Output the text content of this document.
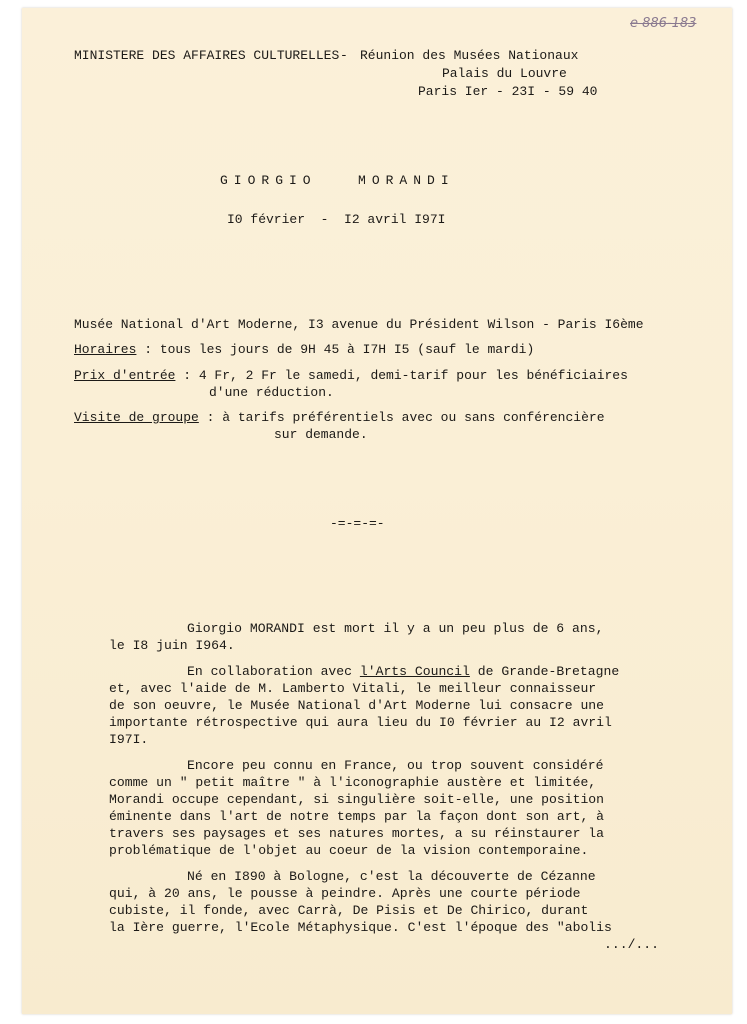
e 886-183
MINISTERE DES AFFAIRES CULTURELLES - Réunion des Musées Nationaux
Palais du Louvre
Paris Ier - 23I - 59 40
GIORGIO   MORANDI
I0 février  -  I2 avril I97I
Musée National d'Art Moderne, I3 avenue du Président Wilson - Paris I6ème
Horaires : tous les jours de 9H 45 à I7H I5 (sauf le mardi)
Prix d'entrée : 4 Fr, 2 Fr le samedi, demi-tarif pour les bénéficiaires
d'une réduction.
Visite de groupe : à tarifs préférentiels avec ou sans conférencière
sur demande.
-=-=-=-
Giorgio MORANDI est mort il y a un peu plus de 6 ans,
le I8 juin I964.
En collaboration avec l'Arts Council de Grande-Bretagne
et, avec l'aide de M. Lamberto Vitali, le meilleur connaisseur
de son oeuvre, le Musée National d'Art Moderne lui consacre une
importante rétrospective qui aura lieu du I0 février au I2 avril
I97I.
Encore peu connu en France, ou trop souvent considéré
comme un " petit maître " à l'iconographie austère et limitée,
Morandi occupe cependant, si singulière soit-elle, une position
éminente dans l'art de notre temps par la façon dont son art, à
travers ses paysages et ses natures mortes, a su réinstaurer la
problématique de l'objet au coeur de la vision contemporaine.
Né en I890 à Bologne, c'est la découverte de Cézanne
qui, à 20 ans, le pousse à peindre. Après une courte période
cubiste, il fonde, avec Carrà, De Pisis et De Chirico, durant
la Ière guerre, l'Ecole Métaphysique. C'est l'époque des "abolis
.../...
